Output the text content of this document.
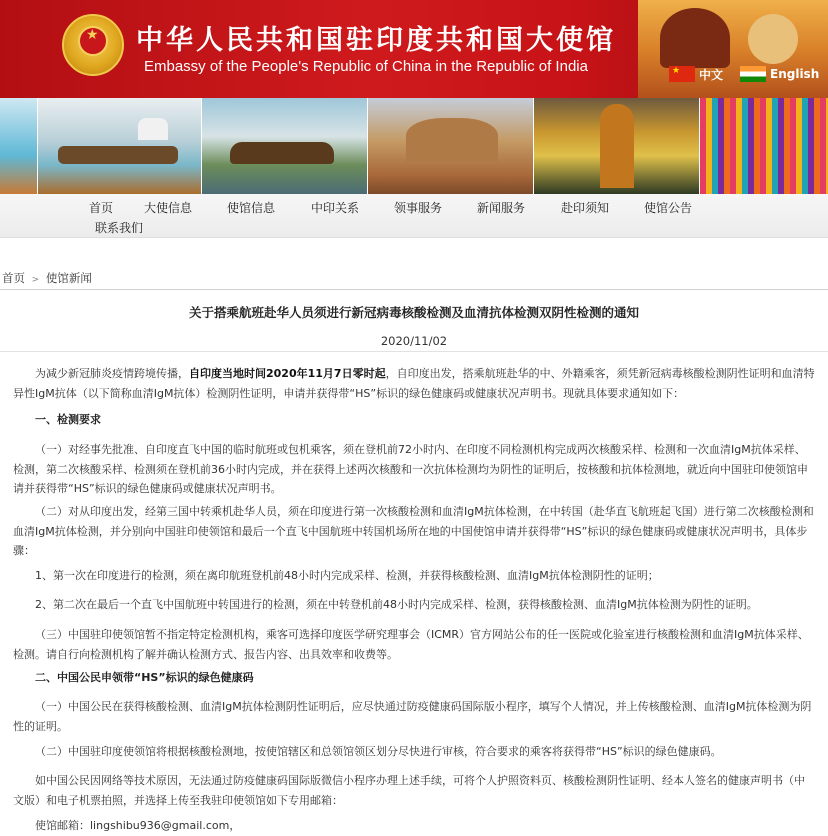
★ 中华人民共和国驻印度共和国大使馆
Embassy of the People's Republic of China in the Republic of India
★	中文	English
首页	大使信息	使馆信息	中印关系	领事服务	新闻服务	赴印须知	使馆公告
联系我们
首页 > 使馆新闻
关于搭乘航班赴华人员须进行新冠病毒核酸检测及血清抗体检测双阴性检测的通知
2020/11/02
为减少新冠肺炎疫情跨境传播，自印度当地时间2020年11月7日零时起，自印度出发，搭乘航班赴华的中、外籍乘客，须凭新冠病毒核酸检测阴性证明和血清特异性IgM抗体（以下简称血清IgM抗体）检测阴性证明，申请并获得带“HS”标识的绿色健康码或健康状况声明书。现就具体要求通知如下：
一、检测要求
（一）对经事先批准、自印度直飞中国的临时航班或包机乘客，须在登机前72小时内、在印度不同检测机构完成两次核酸采样、检测和一次血清IgM抗体采样、检测，第二次核酸采样、检测须在登机前36小时内完成，并在获得上述两次核酸和一次抗体检测均为阴性的证明后，按核酸和抗体检测地，就近向中国驻印使领馆申请并获得带“HS”标识的绿色健康码或健康状况声明书。
（二）对从印度出发，经第三国中转乘机赴华人员，须在印度进行第一次核酸检测和血清IgM抗体检测，在中转国（赴华直飞航班起飞国）进行第二次核酸检测和血清IgM抗体检测，并分别向中国驻印使领馆和最后一个直飞中国航班中转国机场所在地的中国使馆申请并获得带“HS”标识的绿色健康码或健康状况声明书，具体步骤：
1、第一次在印度进行的检测，须在离印航班登机前48小时内完成采样、检测，并获得核酸检测、血清IgM抗体检测阴性的证明；
2、第二次在最后一个直飞中国航班中转国进行的检测，须在中转登机前48小时内完成采样、检测，获得核酸检测、血清IgM抗体检测为阴性的证明。
（三）中国驻印使领馆暂不指定特定检测机构，乘客可选择印度医学研究理事会（ICMR）官方网站公布的任一医院或化验室进行核酸检测和血清IgM抗体采样、检测。请自行向检测机构了解并确认检测方式、报告内容、出具效率和收费等。
二、中国公民申领带“HS”标识的绿色健康码
（一）中国公民在获得核酸检测、血清IgM抗体检测阴性证明后，应尽快通过防疫健康码国际版小程序，填写个人情况，并上传核酸检测、血清IgM抗体检测为阴性的证明。
（二）中国驻印度使领馆将根据核酸检测地，按使馆辖区和总领馆领区划分尽快进行审核，符合要求的乘客将获得带“HS”标识的绿色健康码。
如中国公民因网络等技术原因，无法通过防疫健康码国际版微信小程序办理上述手续，可将个人护照资料页、核酸检测阴性证明、经本人签名的健康声明书（中文版）和电子机票拍照，并选择上传至我驻印使领馆如下专用邮箱：
使馆邮箱：lingshibu936@gmail.com，
